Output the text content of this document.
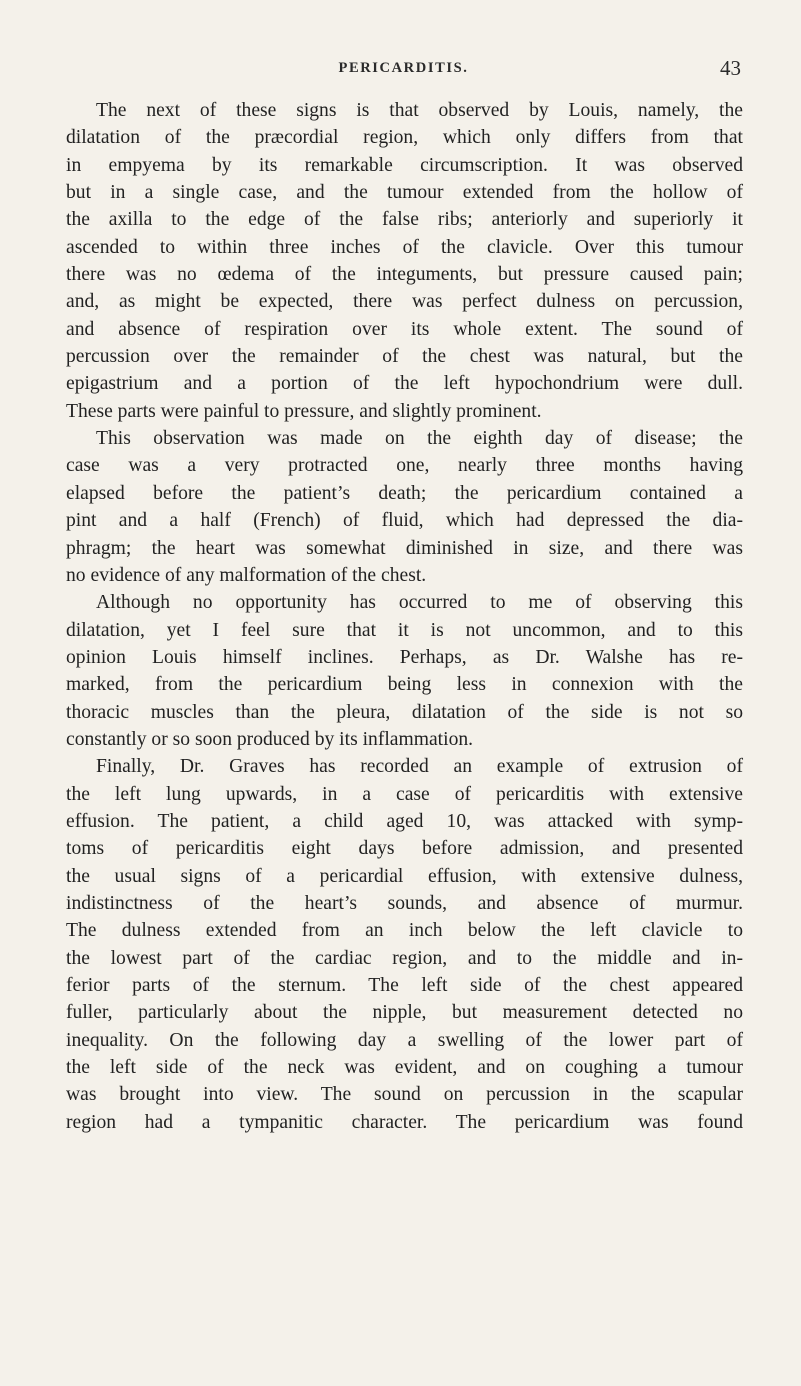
PERICARDITIS.	43
The next of these signs is that observed by Louis, namely, the
dilatation of the præcordial region, which only differs from that
in empyema by its remarkable circumscription. It was observed
but in a single case, and the tumour extended from the hollow of
the axilla to the edge of the false ribs; anteriorly and superiorly it
ascended to within three inches of the clavicle. Over this tumour
there was no œdema of the integuments, but pressure caused pain;
and, as might be expected, there was perfect dulness on percussion,
and absence of respiration over its whole extent. The sound of
percussion over the remainder of the chest was natural, but the
epigastrium and a portion of the left hypochondrium were dull.
These parts were painful to pressure, and slightly prominent.
This observation was made on the eighth day of disease; the
case was a very protracted one, nearly three months having
elapsed before the patient’s death; the pericardium contained a
pint and a half (French) of fluid, which had depressed the dia-
phragm; the heart was somewhat diminished in size, and there was
no evidence of any malformation of the chest.
Although no opportunity has occurred to me of observing this
dilatation, yet I feel sure that it is not uncommon, and to this
opinion Louis himself inclines. Perhaps, as Dr. Walshe has re-
marked, from the pericardium being less in connexion with the
thoracic muscles than the pleura, dilatation of the side is not so
constantly or so soon produced by its inflammation.
Finally, Dr. Graves has recorded an example of extrusion of
the left lung upwards, in a case of pericarditis with extensive
effusion. The patient, a child aged 10, was attacked with symp-
toms of pericarditis eight days before admission, and presented
the usual signs of a pericardial effusion, with extensive dulness,
indistinctness of the heart’s sounds, and absence of murmur.
The dulness extended from an inch below the left clavicle to
the lowest part of the cardiac region, and to the middle and in-
ferior parts of the sternum. The left side of the chest appeared
fuller, particularly about the nipple, but measurement detected no
inequality. On the following day a swelling of the lower part of
the left side of the neck was evident, and on coughing a tumour
was brought into view. The sound on percussion in the scapular
region had a tympanitic character. The pericardium was found
